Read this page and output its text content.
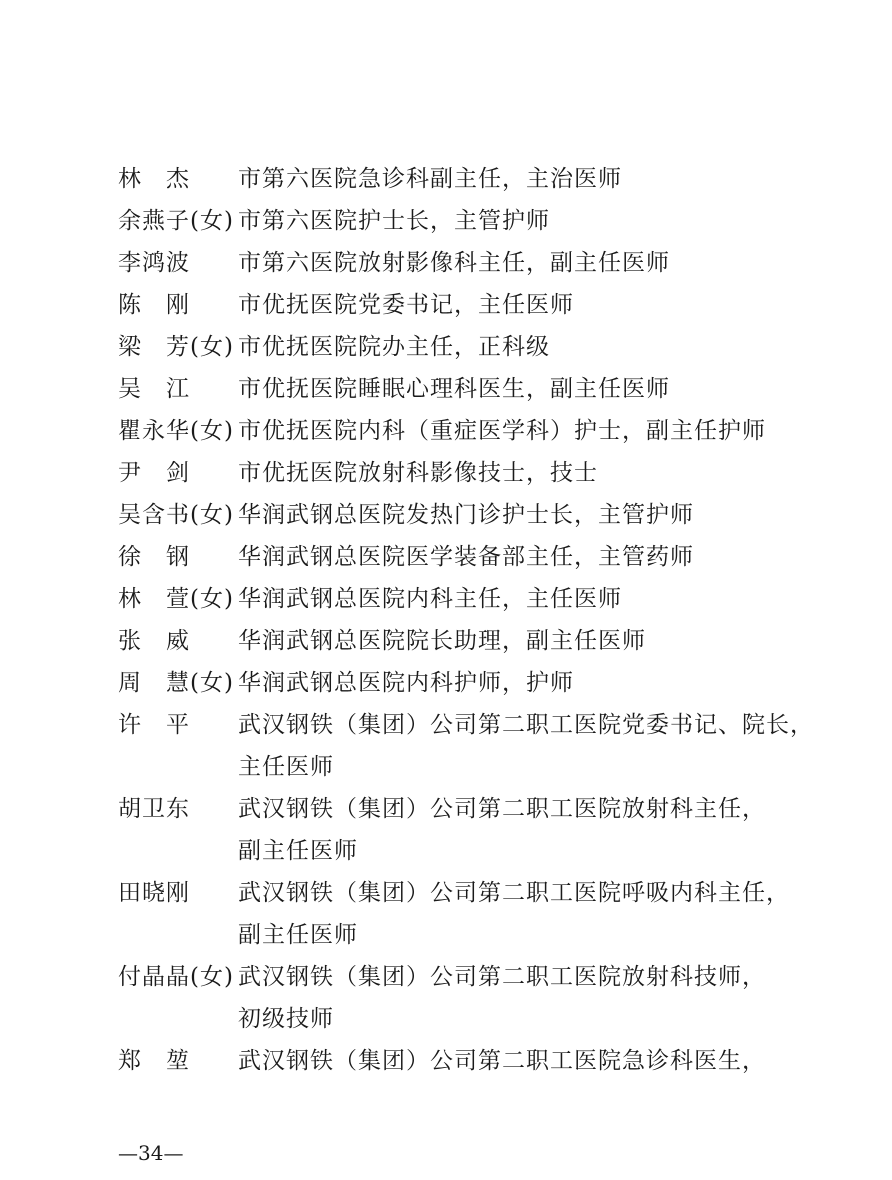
林　杰	市第六医院急诊科副主任，主治医师
余燕子(女) 市第六医院护士长，主管护师
李鸿波	市第六医院放射影像科主任，副主任医师
陈　刚	市优抚医院党委书记，主任医师
梁　芳(女) 市优抚医院院办主任，正科级
吴　江	市优抚医院睡眠心理科医生，副主任医师
瞿永华(女) 市优抚医院内科（重症医学科）护士，副主任护师
尹　剑	市优抚医院放射科影像技士，技士
吴含书(女) 华润武钢总医院发热门诊护士长，主管护师
徐　钢	华润武钢总医院医学装备部主任，主管药师
林　萱(女) 华润武钢总医院内科主任，主任医师
张　威	华润武钢总医院院长助理，副主任医师
周　慧(女) 华润武钢总医院内科护师，护师
许　平	武汉钢铁（集团）公司第二职工医院党委书记、院长，
主任医师
胡卫东	武汉钢铁（集团）公司第二职工医院放射科主任，
副主任医师
田晓刚	武汉钢铁（集团）公司第二职工医院呼吸内科主任，
副主任医师
付晶晶(女) 武汉钢铁（集团）公司第二职工医院放射科技师，
初级技师
郑　堃	武汉钢铁（集团）公司第二职工医院急诊科医生，
—34—
